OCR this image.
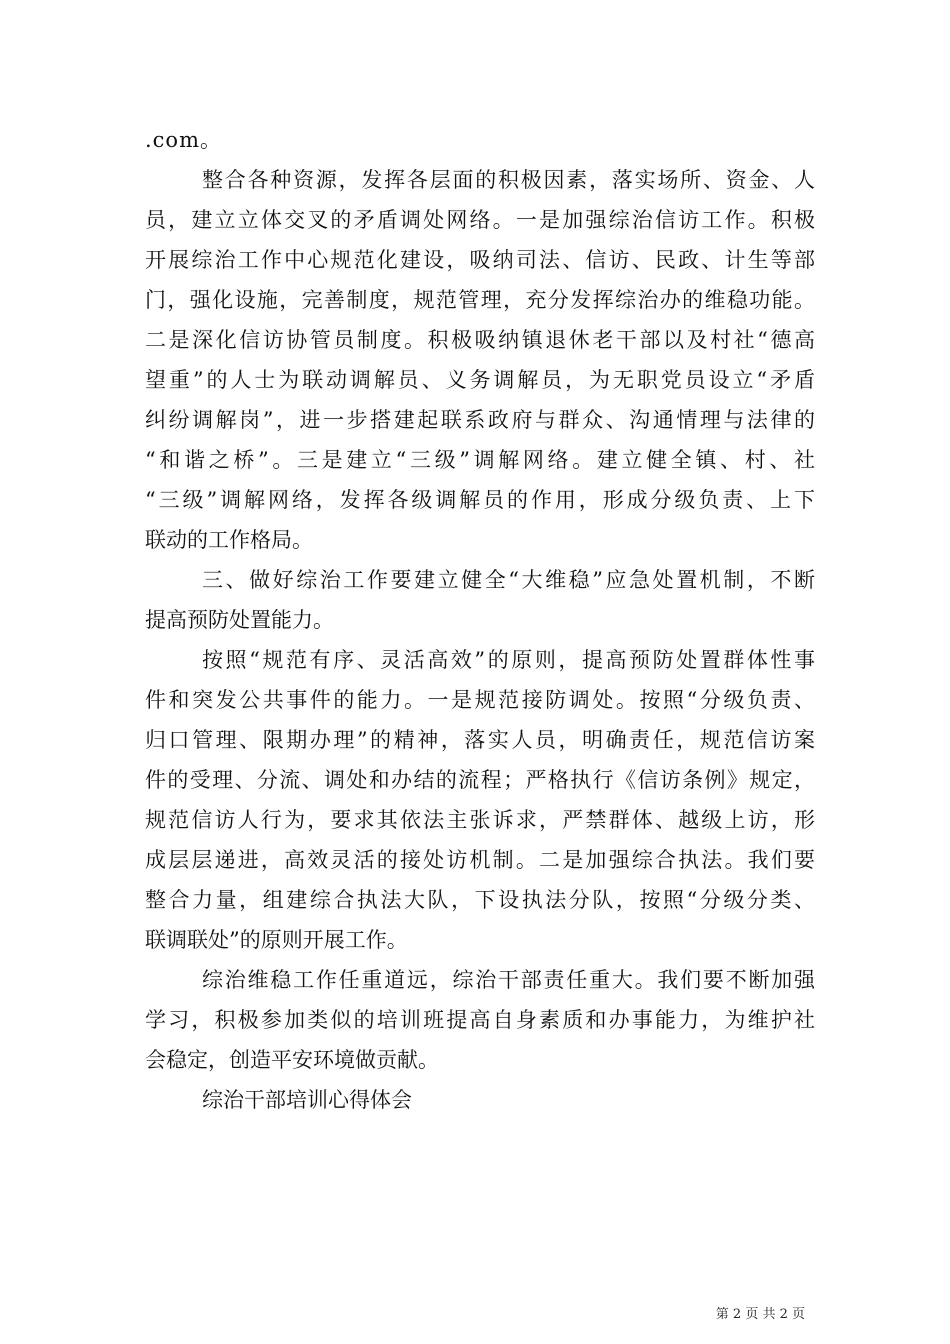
.com。
整合各种资源，发挥各层面的积极因素，落实场所、资金、人
员，建立立体交叉的矛盾调处网络。一是加强综治信访工作。积极
开展综治工作中心规范化建设，吸纳司法、信访、民政、计生等部
门，强化设施，完善制度，规范管理，充分发挥综治办的维稳功能。
二是深化信访协管员制度。积极吸纳镇退休老干部以及村社“德高
望重”的人士为联动调解员、义务调解员，为无职党员设立“矛盾
纠纷调解岗”，进一步搭建起联系政府与群众、沟通情理与法律的
“和谐之桥”。三是建立“三级”调解网络。建立健全镇、村、社
“三级”调解网络，发挥各级调解员的作用，形成分级负责、上下
联动的工作格局。
三、做好综治工作要建立健全“大维稳”应急处置机制，不断
提高预防处置能力。
按照“规范有序、灵活高效”的原则，提高预防处置群体性事
件和突发公共事件的能力。一是规范接防调处。按照“分级负责、
归口管理、限期办理”的精神，落实人员，明确责任，规范信访案
件的受理、分流、调处和办结的流程；严格执行《信访条例》规定，
规范信访人行为，要求其依法主张诉求，严禁群体、越级上访，形
成层层递进，高效灵活的接处访机制。二是加强综合执法。我们要
整合力量，组建综合执法大队，下设执法分队，按照“分级分类、
联调联处”的原则开展工作。
综治维稳工作任重道远，综治干部责任重大。我们要不断加强
学习，积极参加类似的培训班提高自身素质和办事能力，为维护社
会稳定，创造平安环境做贡献。
综治干部培训心得体会
第 2 页 共 2 页
